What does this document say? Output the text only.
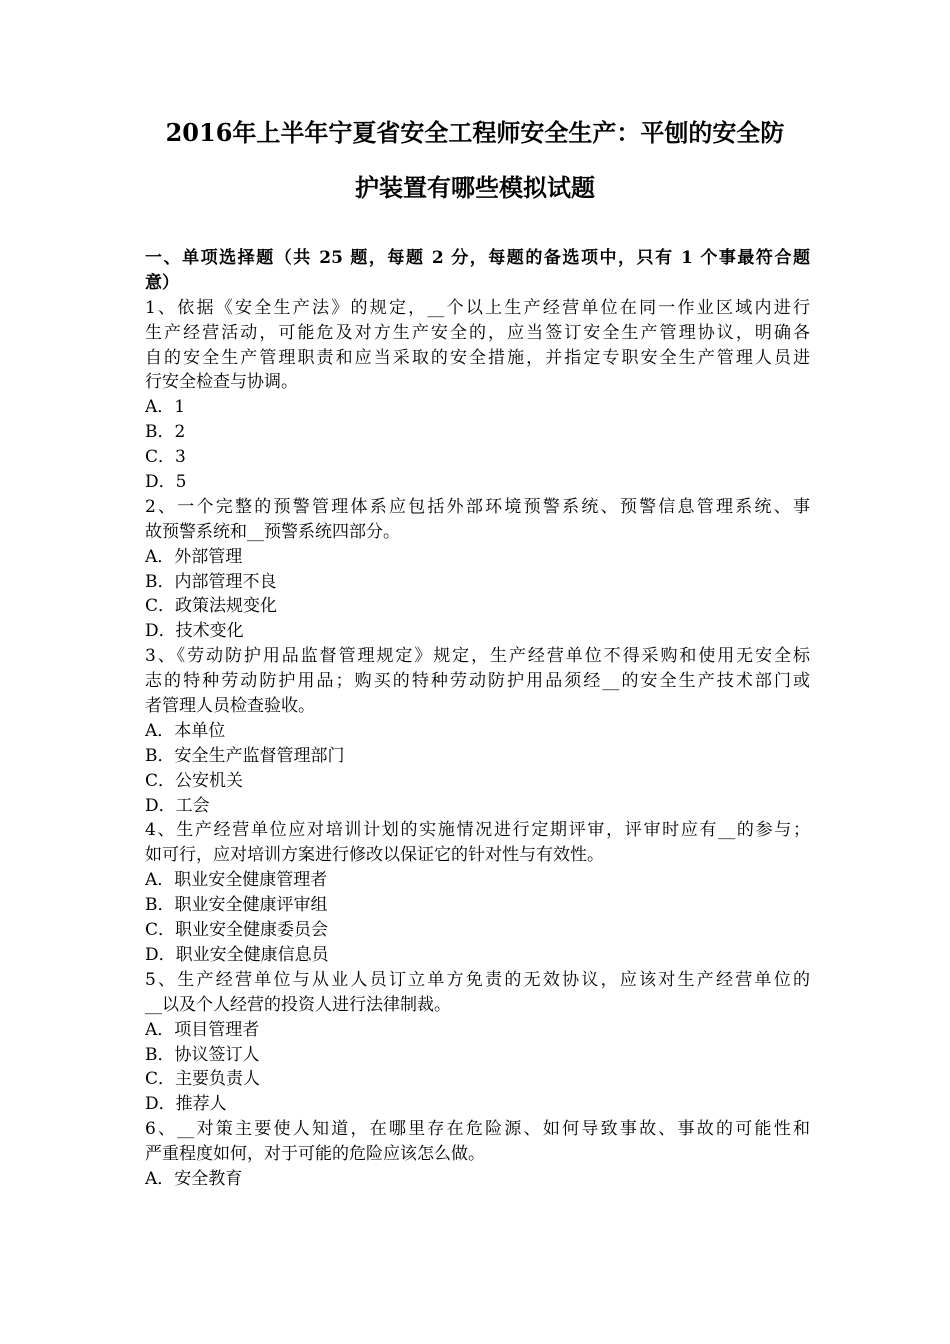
2016年上半年宁夏省安全工程师安全生产：平刨的安全防
护装置有哪些模拟试题
一、单项选择题（共 25 题，每题 2 分，每题的备选项中，只有 1 个事最符合题
意）
1、依据《安全生产法》的规定，__个以上生产经营单位在同一作业区域内进行
生产经营活动，可能危及对方生产安全的，应当签订安全生产管理协议，明确各
自的安全生产管理职责和应当采取的安全措施，并指定专职安全生产管理人员进
行安全检查与协调。
A．1
B．2
C．3
D．5
2、一个完整的预警管理体系应包括外部环境预警系统、预警信息管理系统、事
故预警系统和__预警系统四部分。
A．外部管理
B．内部管理不良
C．政策法规变化
D．技术变化
3、《劳动防护用品监督管理规定》规定，生产经营单位不得采购和使用无安全标
志的特种劳动防护用品；购买的特种劳动防护用品须经__的安全生产技术部门或
者管理人员检查验收。
A．本单位
B．安全生产监督管理部门
C．公安机关
D．工会
4、生产经营单位应对培训计划的实施情况进行定期评审，评审时应有__的参与；
如可行，应对培训方案进行修改以保证它的针对性与有效性。
A．职业安全健康管理者
B．职业安全健康评审组
C．职业安全健康委员会
D．职业安全健康信息员
5、生产经营单位与从业人员订立单方免责的无效协议，应该对生产经营单位的
__以及个人经营的投资人进行法律制裁。
A．项目管理者
B．协议签订人
C．主要负责人
D．推荐人
6、__对策主要使人知道，在哪里存在危险源、如何导致事故、事故的可能性和
严重程度如何，对于可能的危险应该怎么做。
A．安全教育
